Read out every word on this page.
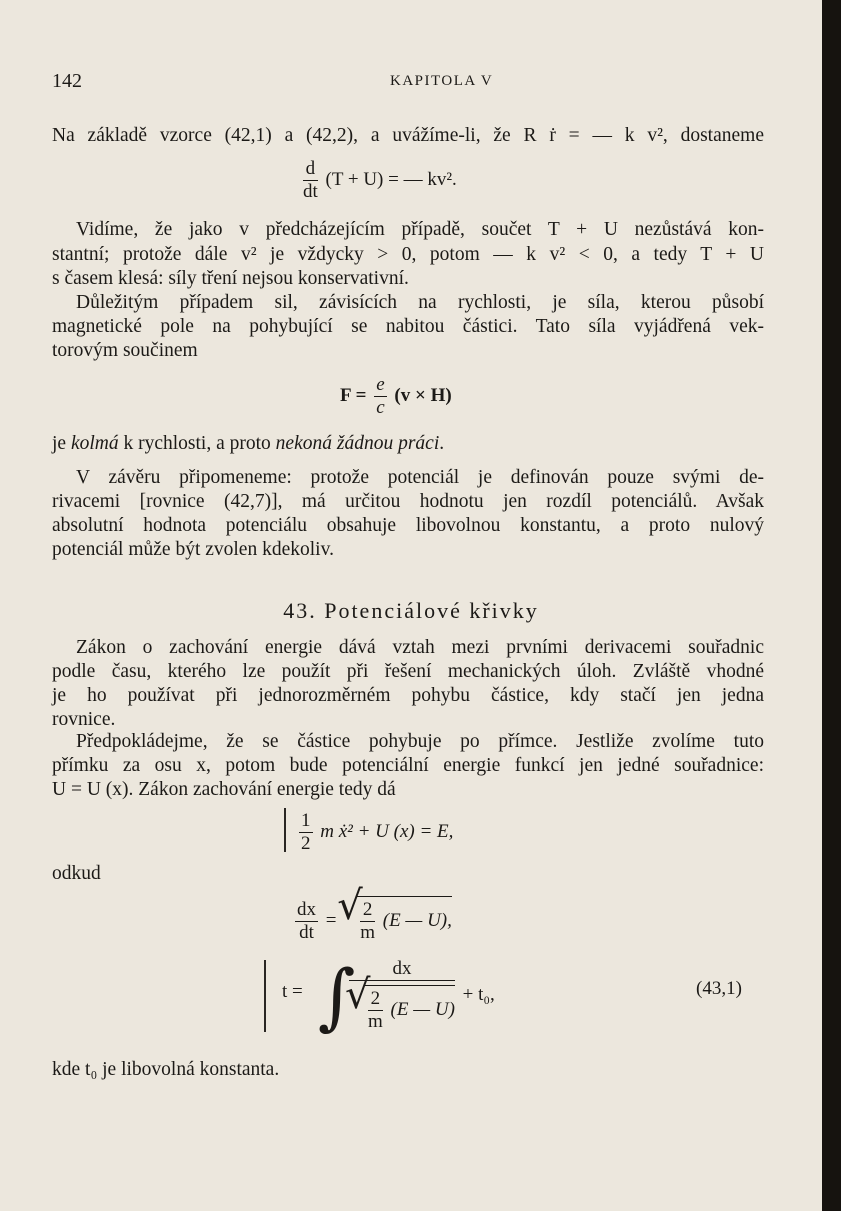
142	KAPITOLA V
Na základě vzorce (42,1) a (42,2), a uvážíme-li, že R ṙ = — k v², dostaneme
$\frac{d}{dt} (T + U)$ = — kv².
Vidíme, že jako v předcházejícím případě, součet T + U nezůstává kon-
stantní; protože dále v² je vždycky > 0, potom — k v² < 0, a tedy T + U
s časem klesá: síly tření nejsou konservativní.
Důležitým případem sil, závisících na rychlosti, je síla, kterou působí
magnetické pole na pohybující se nabitou částici. Tato síla vyjádřená vek-
torovým součinem
$F = \frac{e}{c} (v \times H)$
je kolmá k rychlosti, a proto nekoná žádnou práci.
V závěru připomeneme: protože potenciál je definován pouze svými de-
rivacemi [rovnice (42,7)], má určitou hodnotu jen rozdíl potenciálů. Avšak
absolutní hodnota potenciálu obsahuje libovolnou konstantu, a proto nulový
potenciál může být zvolen kdekoliv.
43. Potenciálové křivky
Zákon o zachování energie dává vztah mezi prvními derivacemi souřadnic
podle času, kterého lze použít při řešení mechanických úloh. Zvláště vhodné
je ho používat při jednorozměrném pohybu částice, kdy stačí jen jedna
rovnice.
Předpokládejme, že se částice pohybuje po přímce. Jestliže zvolíme tuto
přímku za osu x, potom bude potenciální energie funkcí jen jedné souřadnice:
U = U (x). Zákon zachování energie tedy dá
$\frac{1}{2}$ m ẋ² + U (x) = E,
odkud
$\frac{dx}{dt}$ =
√ $\frac{2}{m} (E$ — U),
t = ∫
dx
√ $\frac{2}{m} (E$ — U) + t₀,	(43,1)
kde t₀ je libovolná konstanta.
